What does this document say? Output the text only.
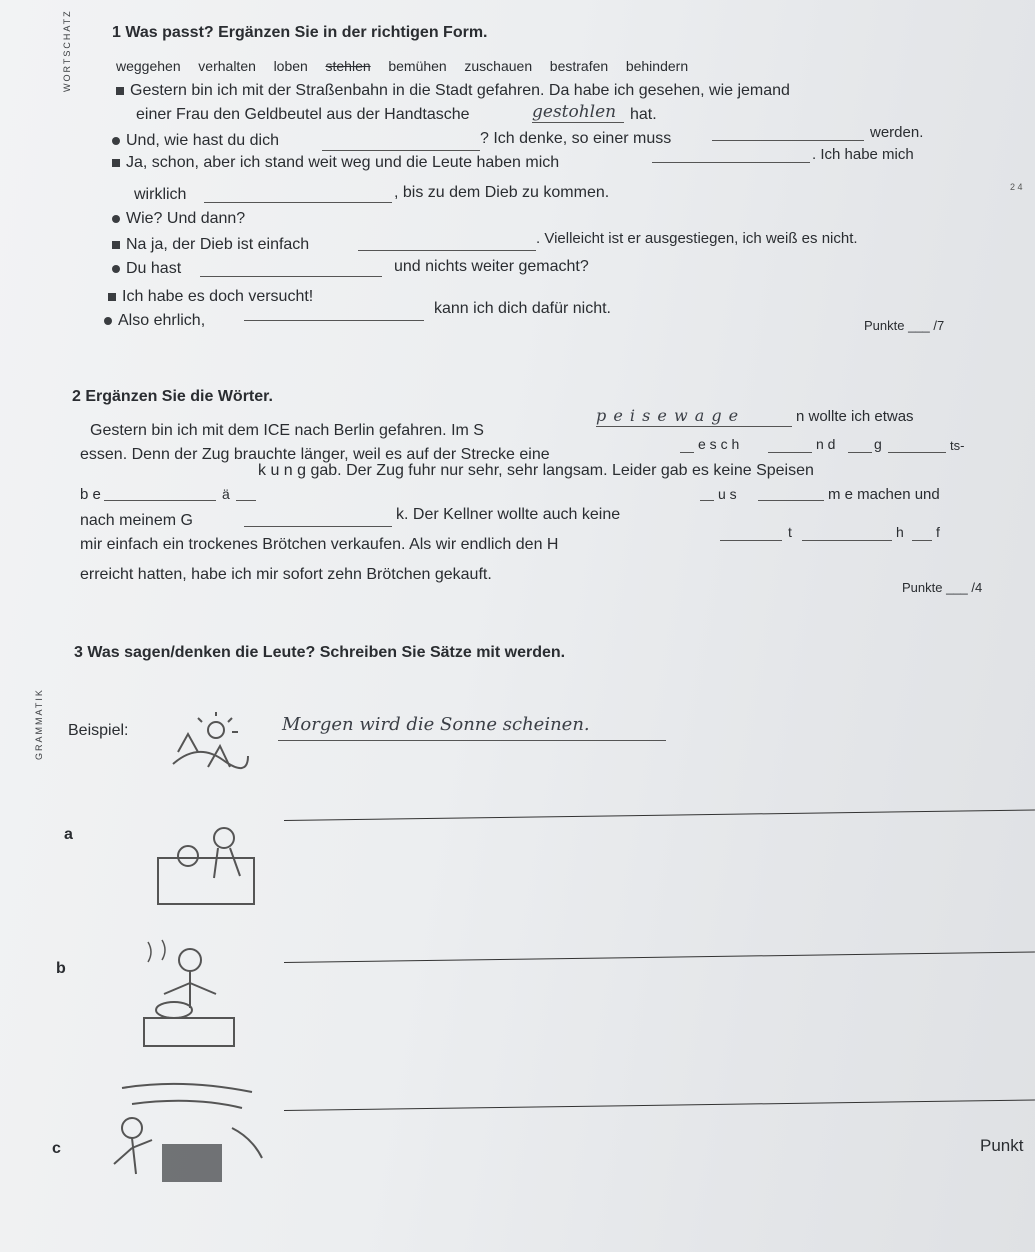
WORTSCHATZ
GRAMMATIK
1 Was passt? Ergänzen Sie in der richtigen Form.
weggehen verhalten loben stehlen bemühen zuschauen bestrafen behindern
Gestern bin ich mit der Straßenbahn in die Stadt gefahren. Da habe ich gesehen, wie jemand
einer Frau den Geldbeutel aus der Handtasche	gestohlen hat.
Und, wie hast du dich	? Ich denke, so einer muss	werden.
Ja, schon, aber ich stand weit weg und die Leute haben mich	. Ich habe mich
wirklich	, bis zu dem Dieb zu kommen.
Wie? Und dann?
Na ja, der Dieb ist einfach	. Vielleicht ist er ausgestiegen, ich weiß es nicht.
Du hast	und nichts weiter gemacht?
Ich habe es doch versucht!
Also ehrlich,
kann ich dich dafür nicht.
Punkte ___ /7
2 4
2 Ergänzen Sie die Wörter.
Gestern bin ich mit dem ICE nach Berlin gefahren. Im S
p e i s e w a g e	n wollte ich etwas
essen. Denn der Zug brauchte länger, weil es auf der Strecke eine
e s c h	n d	g	ts-
b e	ä
k u n g gab. Der Zug fuhr nur sehr, sehr langsam. Leider gab es keine Speisen
u s	m e machen und
nach meinem G	k. Der Kellner wollte auch keine
mir einfach ein trockenes Brötchen verkaufen. Als wir endlich den H
t	h f
erreicht hatten, habe ich mir sofort zehn Brötchen gekauft.
Punkte ___ /4
3 Was sagen/denken die Leute? Schreiben Sie Sätze mit werden.
Beispiel:	Morgen wird die Sonne scheinen.
a
b
c	Punkt
